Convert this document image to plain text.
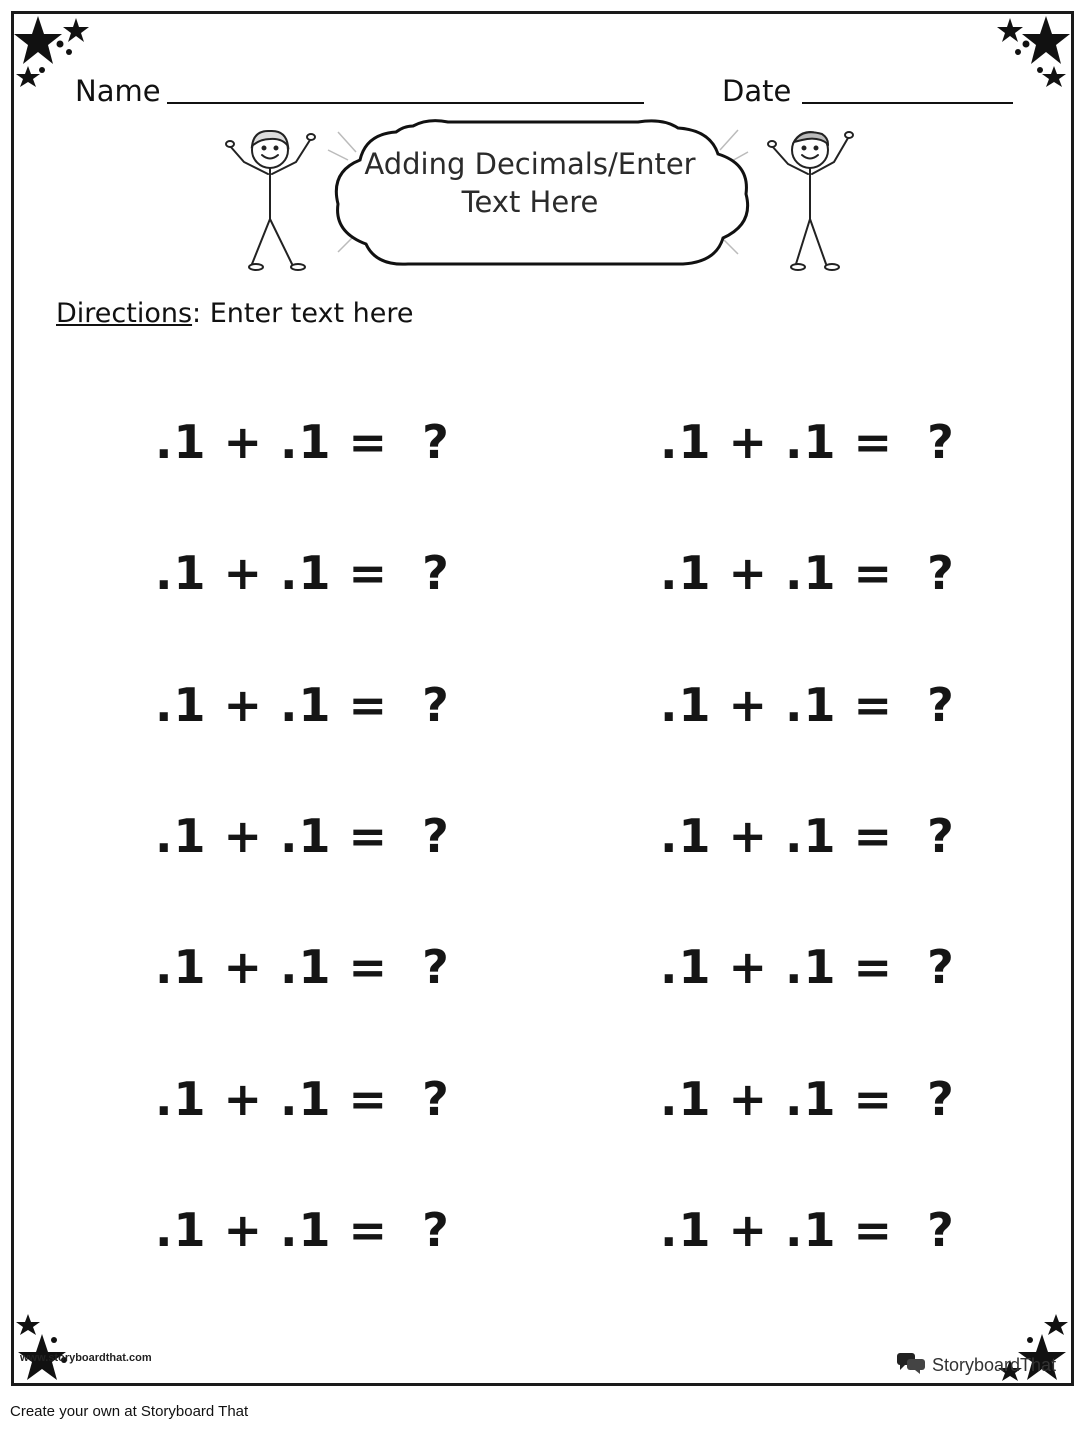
Name	Date
Adding Decimals/Enter
Text Here
Directions: Enter text here
.1 + .1 =  ?
.1 + .1 =  ?
.1 + .1 =  ?
.1 + .1 =  ?
.1 + .1 =  ?
.1 + .1 =  ?
.1 + .1 =  ?
.1 + .1 =  ?
.1 + .1 =  ?
.1 + .1 =  ?
.1 + .1 =  ?
.1 + .1 =  ?
.1 + .1 =  ?
.1 + .1 =  ?
www.storyboardthat.com	StoryboardThat
Create your own at Storyboard That
